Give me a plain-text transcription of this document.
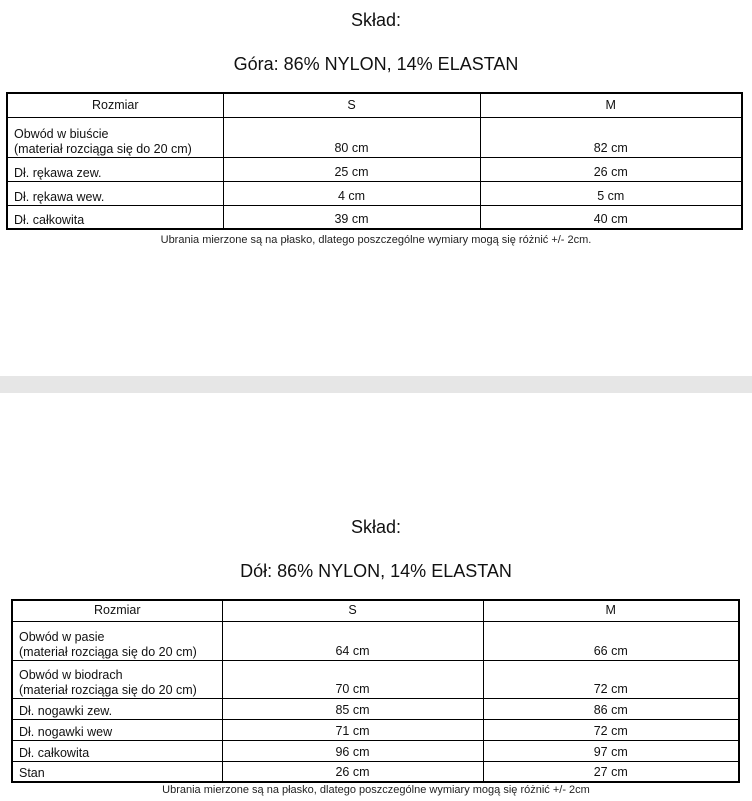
Skład:
Góra: 86% NYLON, 14% ELASTAN
Rozmiar	S	M

Obwód w biuście
(materiał rozciąga się do 20 cm)	80 cm	82 cm
Dł. rękawa zew.	25 cm	26 cm
Dł. rękawa wew.	4 cm	5 cm
Dł. całkowita	39 cm	40 cm
Ubrania mierzone są na płasko, dlatego poszczególne wymiary mogą się różnić +/- 2cm.
Skład:
Dół: 86% NYLON, 14% ELASTAN
Rozmiar	S	M

Obwód w pasie
(materiał rozciąga się do 20 cm)	64 cm	66 cm

Obwód w biodrach
(materiał rozciąga się do 20 cm)	70 cm	72 cm
Dł. nogawki zew.	85 cm	86 cm
Dł. nogawki wew	71 cm	72 cm
Dł. całkowita	96 cm	97 cm
Stan	26 cm	27 cm
Ubrania mierzone są na płasko, dlatego poszczególne wymiary mogą się różnić +/- 2cm
